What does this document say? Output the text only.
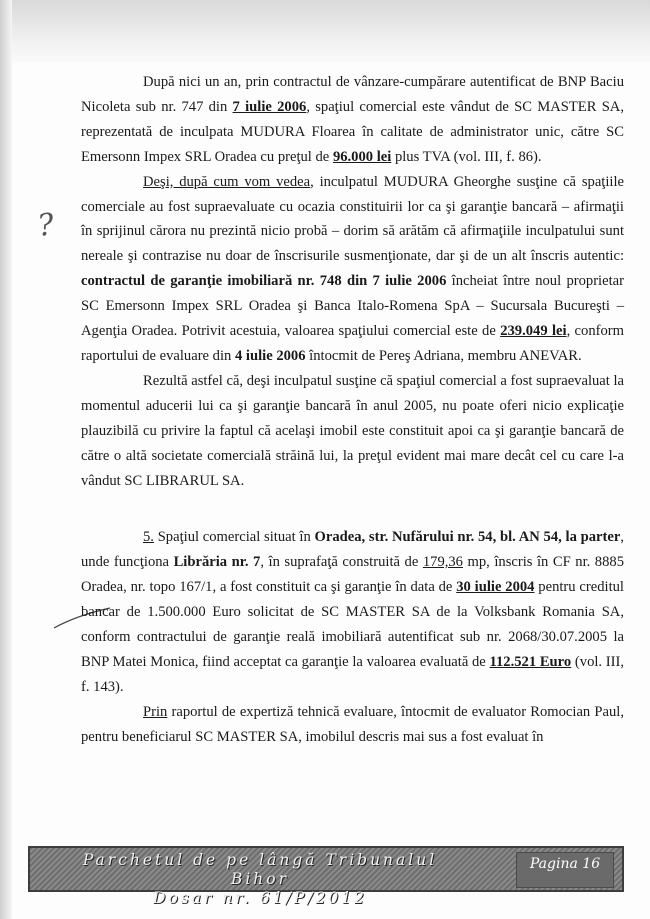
?

După nici un an, prin contractul de vânzare-cumpărare autentificat de BNP Baciu Nicoleta sub nr. 747 din 7 iulie 2006, spaţiul comercial este vândut de SC MASTER SA, reprezentată de inculpata MUDURA Floarea în calitate de administrator unic, către SC Emersonn Impex SRL Oradea cu preţul de 96.000 lei plus TVA (vol. III, f. 86).

Deşi, după cum vom vedea, inculpatul MUDURA Gheorghe susţine că spaţiile comerciale au fost supraevaluate cu ocazia constituirii lor ca şi garanţie bancară – afirmaţii în sprijinul cărora nu prezintă nicio probă – dorim să arătăm că afirmaţiile inculpatului sunt nereale şi contrazise nu doar de înscrisurile susmenţionate, dar şi de un alt înscris autentic: contractul de garanţie imobiliară nr. 748 din 7 iulie 2006 încheiat între noul proprietar SC Emersonn Impex SRL Oradea şi Banca Italo-Romena SpA – Sucursala Bucureşti – Agenţia Oradea. Potrivit acestuia, valoarea spaţiului comercial este de 239.049 lei, conform raportului de evaluare din 4 iulie 2006 întocmit de Pereş Adriana, membru ANEVAR.

Rezultă astfel că, deşi inculpatul susţine că spaţiul comercial a fost supraevaluat la momentul aducerii lui ca şi garanţie bancară în anul 2005, nu poate oferi nicio explicaţie plauzibilă cu privire la faptul că acelaşi imobil este constituit apoi ca şi garanţie bancară de către o altă societate comercială străină lui, la preţul evident mai mare decât cel cu care l-a vândut SC LIBRARUL SA.

5. Spaţiul comercial situat în Oradea, str. Nufărului nr. 54, bl. AN 54, la parter, unde funcţiona Librăria nr. 7, în suprafaţă construită de 179,36 mp, înscris în CF nr. 8885 Oradea, nr. topo 167/1, a fost constituit ca şi garanţie în data de 30 iulie 2004 pentru creditul bancar de 1.500.000 Euro solicitat de SC MASTER SA de la Volksbank Romania SA, conform contractului de garanţie reală imobiliară autentificat sub nr. 2068/30.07.2005 la BNP Matei Monica, fiind acceptat ca garanţie la valoarea evaluată de 112.521 Euro (vol. III, f. 143).

Prin raportul de expertiză tehnică evaluare, întocmit de evaluator Romocian Paul, pentru beneficiarul SC MASTER SA, imobilul descris mai sus a fost evaluat în

Parchetul de pe lângă Tribunalul Bihor
Dosar nr. 61/P/2012
Pagina 16
